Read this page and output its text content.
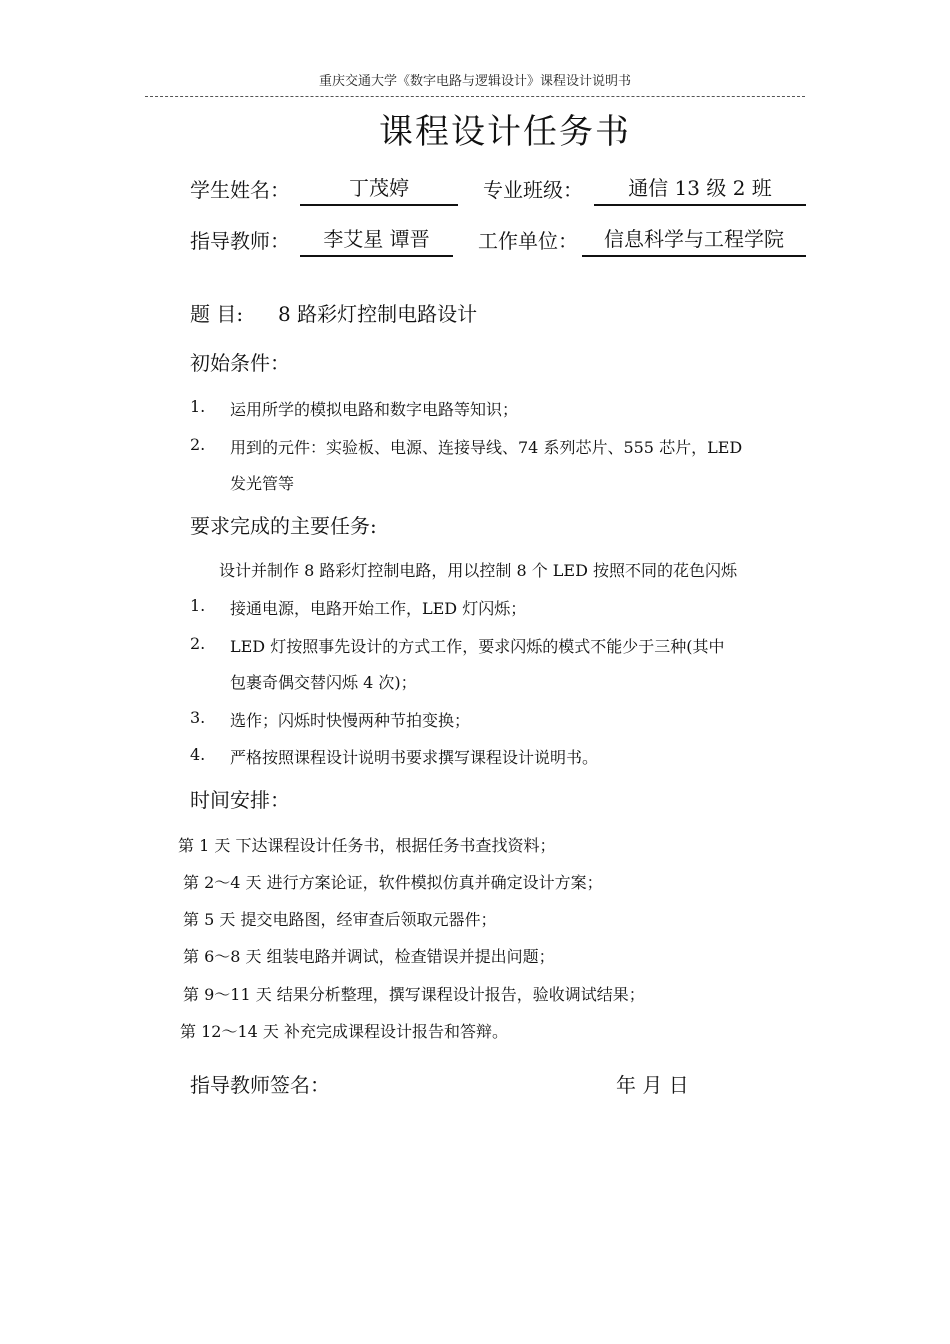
重庆交通大学《数字电路与逻辑设计》课程设计说明书
课程设计任务书
学生姓名：	丁茂婷	专业班级：	通信 13 级 2 班
指导教师：	李艾星 谭晋	工作单位：	信息科学与工程学院
题 目: 8 路彩灯控制电路设计
初始条件：
1. 运用所学的模拟电路和数字电路等知识；
2. 用到的元件：实验板、电源、连接导线、74 系列芯片、555 芯片，LED
发光管等
要求完成的主要任务:
设计并制作 8 路彩灯控制电路，用以控制 8 个 LED 按照不同的花色闪烁
1. 接通电源，电路开始工作，LED 灯闪烁；
2. LED 灯按照事先设计的方式工作，要求闪烁的模式不能少于三种(其中
包裹奇偶交替闪烁 4 次)；
3. 选作；闪烁时快慢两种节拍变换；
4. 严格按照课程设计说明书要求撰写课程设计说明书。
时间安排：
第 1 天 下达课程设计任务书，根据任务书查找资料；
第 2～4 天 进行方案论证，软件模拟仿真并确定设计方案；
第 5 天 提交电路图，经审查后领取元器件；
第 6～8 天 组装电路并调试，检查错误并提出问题；
第 9～11 天 结果分析整理，撰写课程设计报告，验收调试结果；
第 12～14 天 补充完成课程设计报告和答辩。
指导教师签名：	年 月 日
